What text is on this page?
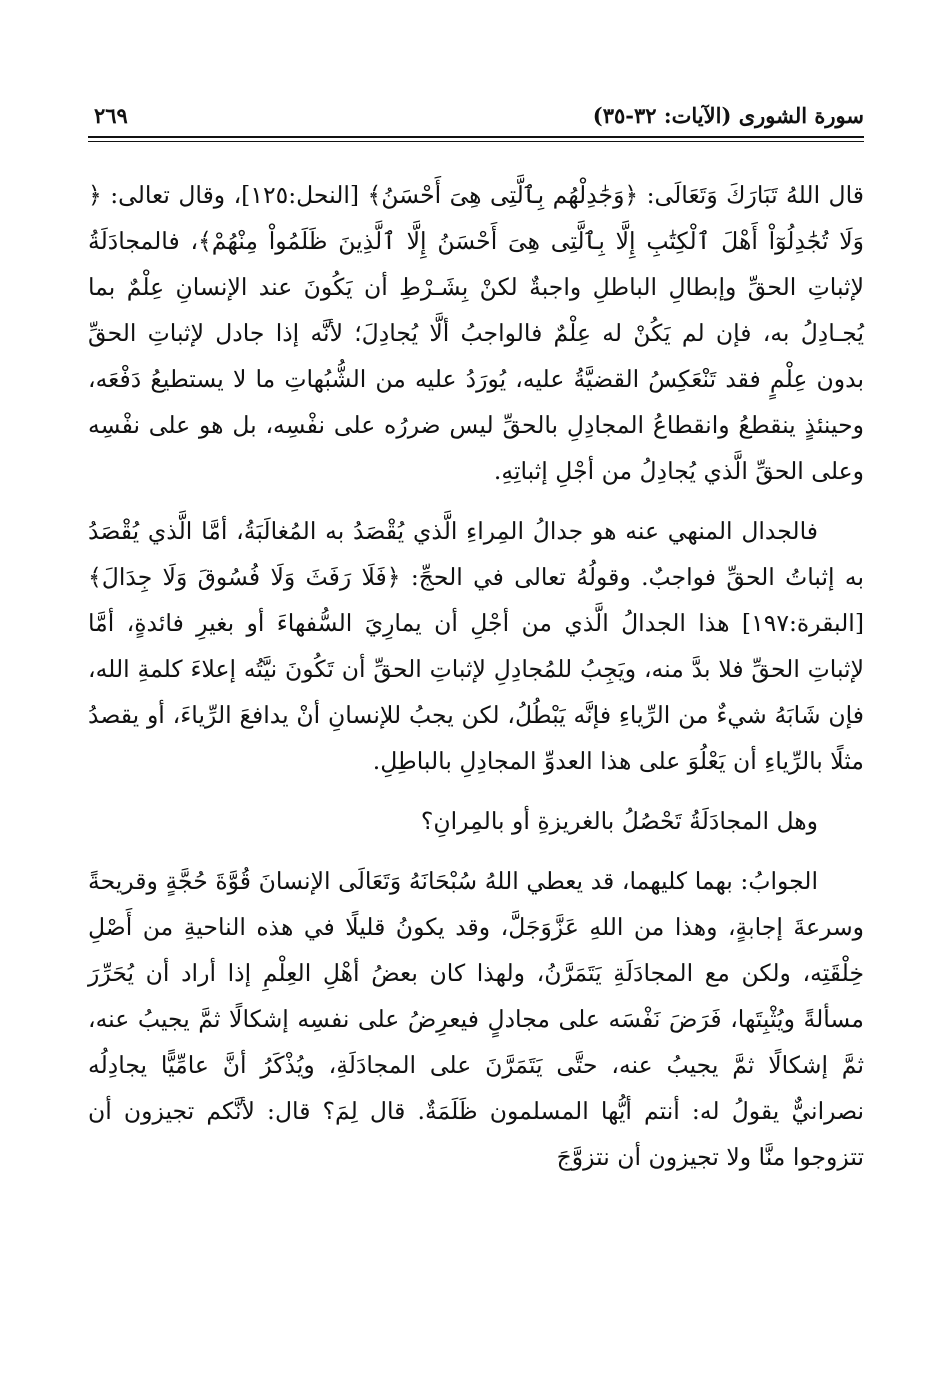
سورة الشورى (الآيات: ٣٢-٣٥)
٢٦٩

قال اللهُ تَبَارَكَ وَتَعَالَى: ﴿وَجَٰدِلْهُم بِٱلَّتِى هِىَ أَحْسَنُ﴾ [النحل:١٢٥]، وقال تعالى: ﴿ وَلَا تُجَٰدِلُوٓاْ أَهْلَ ٱلْكِتَٰبِ إِلَّا بِٱلَّتِى هِىَ أَحْسَنُ إِلَّا ٱلَّذِينَ ظَلَمُواْ مِنْهُمْ﴾، فالمجادَلَةُ لإثباتِ الحقِّ وإبطالِ الباطلِ واجبةٌ لكنْ بِشَـرْطِ أن يَكُونَ عند الإنسانِ عِلْمٌ بما يُجـادِلُ به، فإن لم يَكُنْ له عِلْمٌ فالواجبُ ألَّا يُجادِلَ؛ لأنَّه إذا جادل لإثباتِ الحقِّ بدون عِلْمٍ فقد تَنْعَكِسُ القضيَّةُ عليه، يُورَدُ عليه من الشُّبُهاتِ ما لا يستطيعُ دَفْعَه، وحينئذٍ ينقطعُ وانقطاعُ المجادِلِ بالحقِّ ليس ضررُه على نفْسِه، بل هو على نفْسِه وعلى الحقِّ الَّذي يُجادِلُ من أجْلِ إثباتِهِ.

فالجدال المنهي عنه هو جدالُ المِراءِ الَّذي يُقْصَدُ به المُغالَبَةُ، أمَّا الَّذي يُقْصَدُ به إثباتُ الحقِّ فواجبٌ. وقولُهُ تعالى في الحجِّ: ﴿فَلَا رَفَثَ وَلَا فُسُوقَ وَلَا جِدَالَ﴾ [البقرة:١٩٧] هذا الجدالُ الَّذي من أجْلِ أن يمارِيَ السُّفهاءَ أو بغيرِ فائدةٍ، أمَّا لإثباتِ الحقِّ فلا بدَّ منه، ويَجِبُ للمُجادِلِ لإثباتِ الحقِّ أن تَكُونَ نيَّتُه إعلاءَ كلمةِ الله، فإن شَابَهُ شيءٌ من الرِّياءِ فإنَّه يَبْطُلُ، لكن يجبُ للإنسانِ أنْ يدافعَ الرِّياءَ، أو يقصدُ مثلًا بالرِّياءِ أن يَعْلُوَ على هذا العدوِّ المجادِلِ بالباطِلِ.

وهل المجادَلَةُ تَحْصُلُ بالغريزةِ أو بالمِرانِ؟

الجوابُ: بهما كليهما، قد يعطي اللهُ سُبْحَانَهُ وَتَعَالَى الإنسانَ قُوَّةَ حُجَّةٍ وقريحةً وسرعةَ إجابةٍ، وهذا من اللهِ عَزَّوَجَلَّ، وقد يكونُ قليلًا في هذه الناحيةِ من أَصْلِ خِلْقَتِه، ولكن مع المجادَلَةِ يَتَمَرَّنُ، ولهذا كان بعضُ أهْلِ العِلْمِ إذا أراد أن يُحَرِّرَ مسألةً ويُثْبِتَها، فَرَضَ نَفْسَه على مجادلٍ فيعرِضُ على نفسِه إشكالًا ثمَّ يجيبُ عنه، ثمَّ إشكالًا ثمَّ يجيبُ عنه، حتَّى يَتَمَرَّنَ على المجادَلَةِ، ويُذْكَرُ أنَّ عامِّيًّا يجادِلُه نصرانيٌّ يقولُ له: أنتم أيُّها المسلمون ظَلَمَةٌ. قال لِمَ؟ قال: لأنَّكم تجيزون أن تتزوجوا منَّا ولا تجيزون أن نتزوَّجَ
